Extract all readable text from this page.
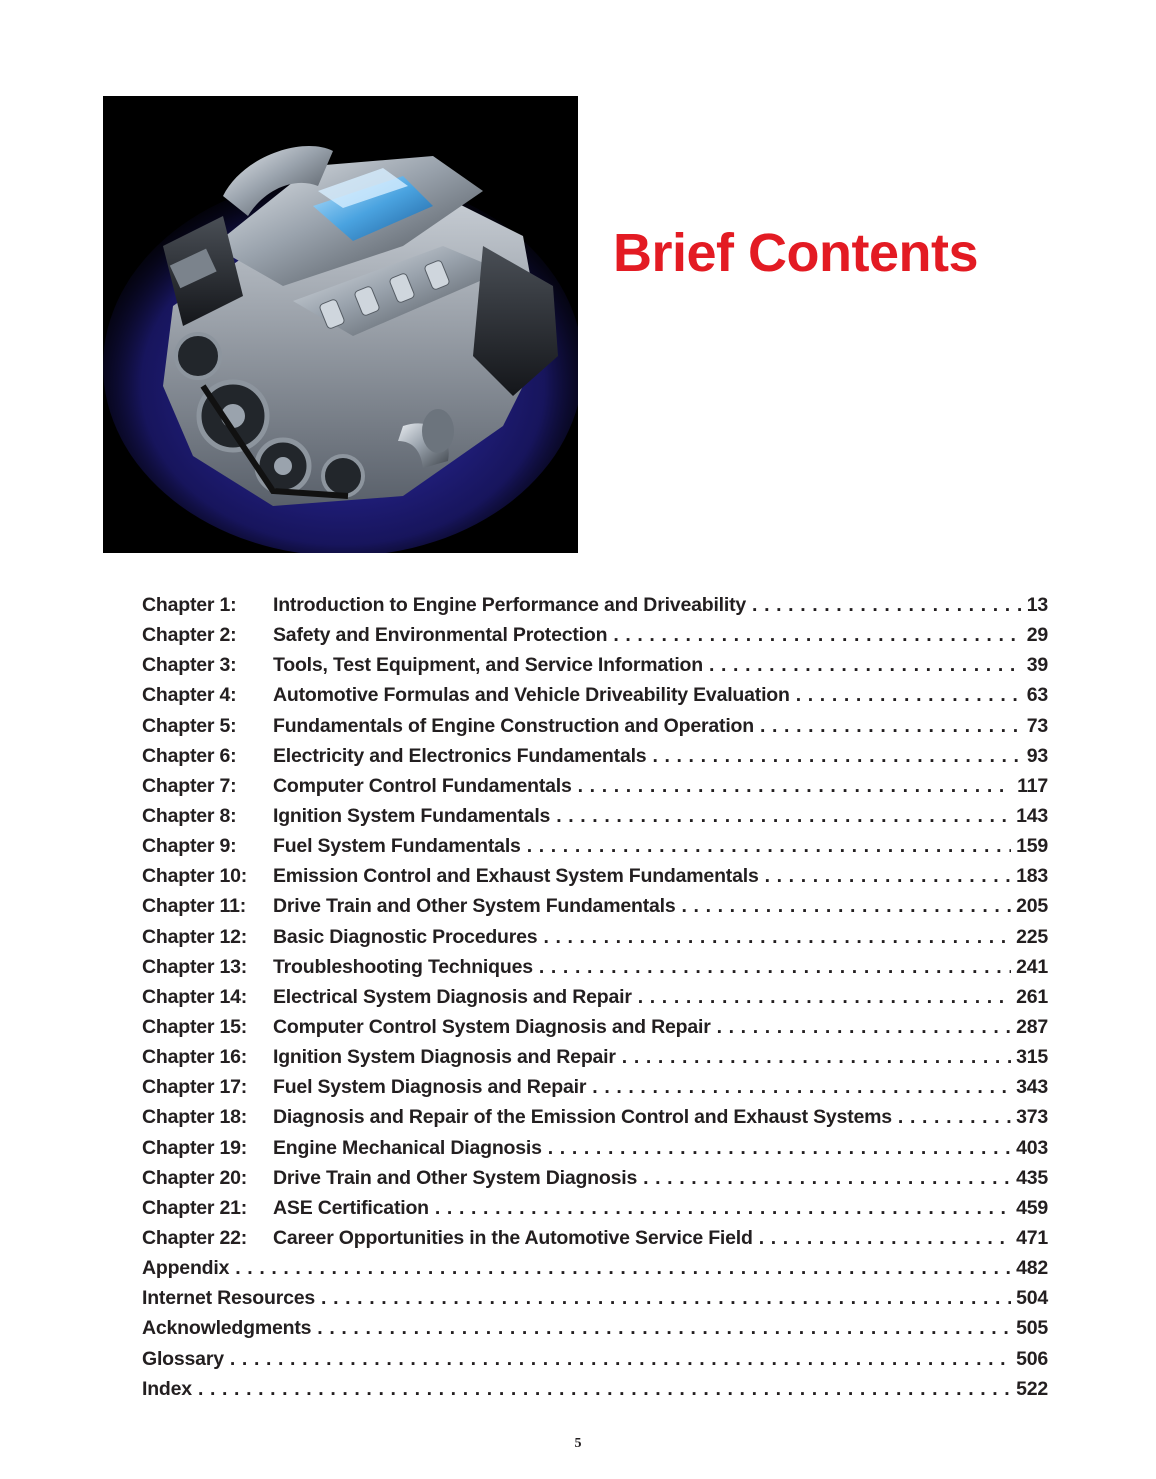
Brief Contents
Chapter 1:	Introduction to Engine Performance and Driveability . . .	13
Chapter 2:	Safety and Environmental Protection . . .	29
Chapter 3:	Tools, Test Equipment, and Service Information . . .	39
Chapter 4:	Automotive Formulas and Vehicle Driveability Evaluation . . .	63
Chapter 5:	Fundamentals of Engine Construction and Operation . . .	73
Chapter 6:	Electricity and Electronics Fundamentals . . .	93
Chapter 7:	Computer Control Fundamentals . . .	117
Chapter 8:	Ignition System Fundamentals . . .	143
Chapter 9:	Fuel System Fundamentals . . .	159
Chapter 10:	Emission Control and Exhaust System Fundamentals . . .	183
Chapter 11:	Drive Train and Other System Fundamentals . . .	205
Chapter 12:	Basic Diagnostic Procedures . . .	225
Chapter 13:	Troubleshooting Techniques . . .	241
Chapter 14:	Electrical System Diagnosis and Repair . . .	261
Chapter 15:	Computer Control System Diagnosis and Repair . . .	287
Chapter 16:	Ignition System Diagnosis and Repair . . .	315
Chapter 17:	Fuel System Diagnosis and Repair . . .	343
Chapter 18:	Diagnosis and Repair of the Emission Control and Exhaust Systems . . .	373
Chapter 19:	Engine Mechanical Diagnosis . . .	403
Chapter 20:	Drive Train and Other System Diagnosis . . .	435
Chapter 21:	ASE Certification . . .	459
Chapter 22:	Career Opportunities in the Automotive Service Field . . .	471
Appendix . . .	482
Internet Resources . . .	504
Acknowledgments . . .	505
Glossary . . .	506
Index . . .	522
5
